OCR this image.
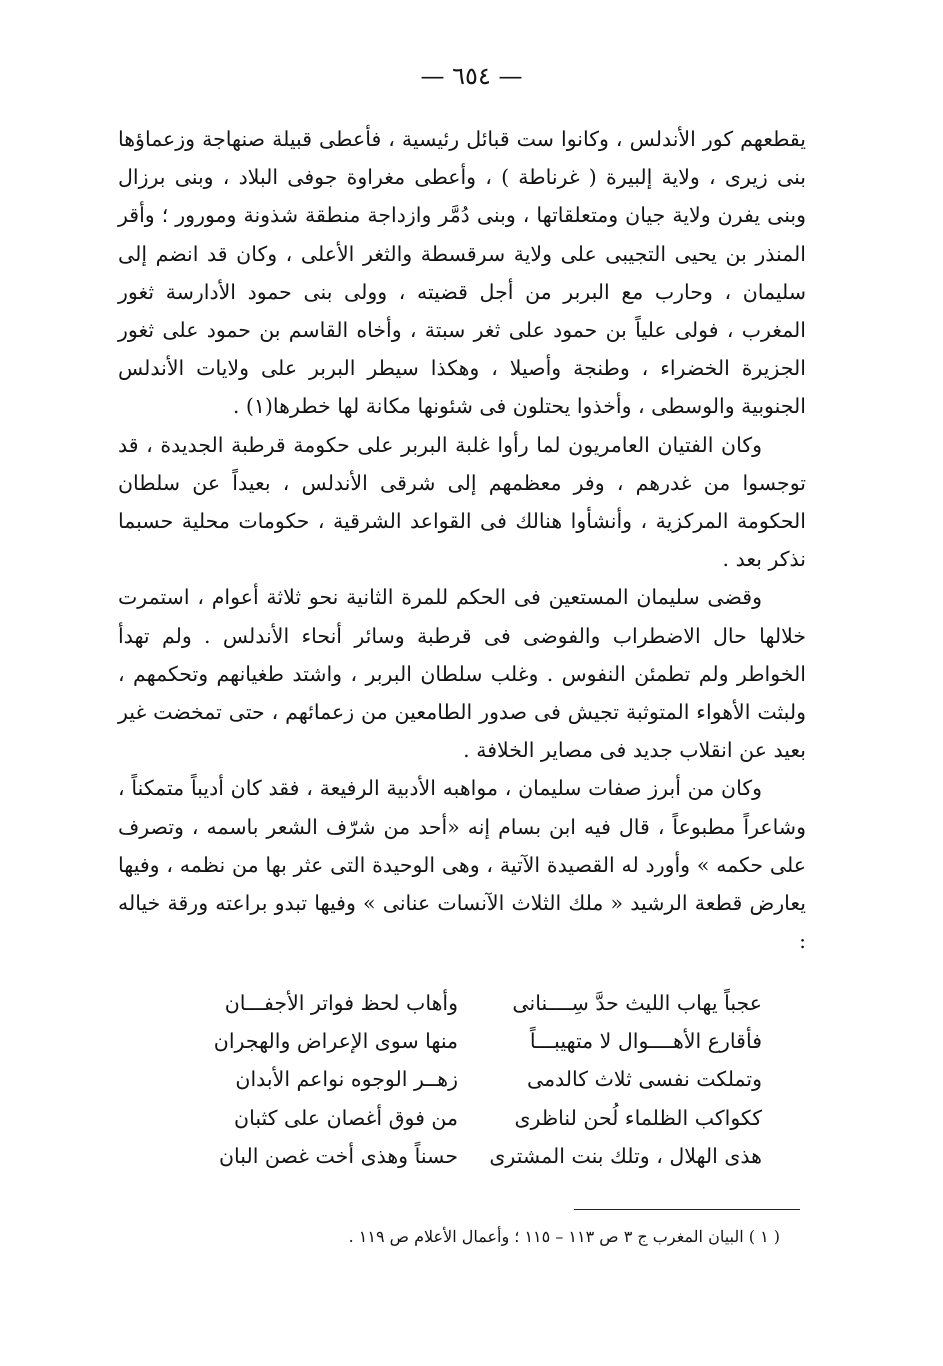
— ٦٥٤ —

يقطعهم كور الأندلس ، وكانوا ست قبائل رئيسية ، فأعطى قبيلة صنهاجة وزعماؤها بنى زيرى ، ولاية إلبيرة ( غرناطة ) ، وأعطى مغراوة جوفى البلاد ، وبنى برزال وبنى يفرن ولاية جيان ومتعلقاتها ، وبنى دُمَّر وازداجة منطقة شذونة ومورور ؛ وأقر المنذر بن يحيى التجيبى على ولاية سرقسطة والثغر الأعلى ، وكان قد انضم إلى سليمان ، وحارب مع البربر من أجل قضيته ، وولى بنى حمود الأدارسة ثغور المغرب ، فولى علياً بن حمود على ثغر سبتة ، وأخاه القاسم بن حمود على ثغور الجزيرة الخضراء ، وطنجة وأصيلا ، وهكذا سيطر البربر على ولايات الأندلس الجنوبية والوسطى ، وأخذوا يحتلون فى شئونها مكانة لها خطرها(١) .

وكان الفتيان العامريون لما رأوا غلبة البربر على حكومة قرطبة الجديدة ، قد توجسوا من غدرهم ، وفر معظمهم إلى شرقى الأندلس ، بعيداً عن سلطان الحكومة المركزية ، وأنشأوا هنالك فى القواعد الشرقية ، حكومات محلية حسبما نذكر بعد .

وقضى سليمان المستعين فى الحكم للمرة الثانية نحو ثلاثة أعوام ، استمرت خلالها حال الاضطراب والفوضى فى قرطبة وسائر أنحاء الأندلس . ولم تهدأ الخواطر ولم تطمئن النفوس . وغلب سلطان البربر ، واشتد طغيانهم وتحكمهم ، ولبثت الأهواء المتوثبة تجيش فى صدور الطامعين من زعمائهم ، حتى تمخضت غير بعيد عن انقلاب جديد فى مصاير الخلافة .

وكان من أبرز صفات سليمان ، مواهبه الأدبية الرفيعة ، فقد كان أديباً متمكناً ، وشاعراً مطبوعاً ، قال فيه ابن بسام إنه «أحد من شرّف الشعر باسمه ، وتصرف على حكمه » وأورد له القصيدة الآتية ، وهى الوحيدة التى عثر بها من نظمه ، وفيها يعارض قطعة الرشيد « ملك الثلاث الآنسات عنانى » وفيها تبدو براعته ورقة خياله :

عجباً يهاب الليث حدَّ سِــــنانى
وأهاب لحظ فواتر الأجفـــان
فأقارع الأهــــوال لا متهيبـــاً
منها سوى الإعراض والهجران
وتملكت نفسى ثلاث كالدمى
زهــر الوجوه نواعم الأبدان
ككواكب الظلماء لُحن لناظرى
من فوق أغصان على كثبان
هذى الهلال ، وتلك بنت المشترى
حسناً وهذى أخت غصن البان
( ١ ) البيان المغرب ج ٣ ص ١١٣ – ١١٥ ؛ وأعمال الأعلام ص ١١٩ .
